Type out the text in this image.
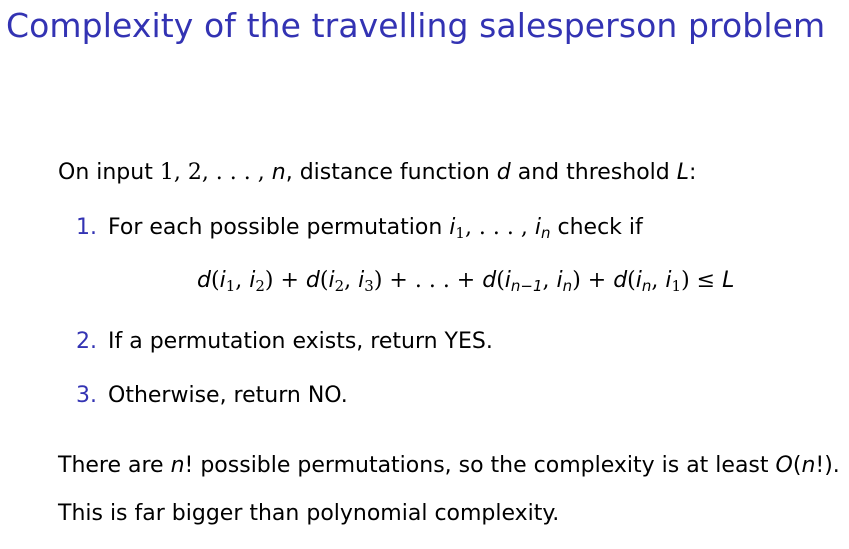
Complexity of the travelling salesperson problem
On input 1, 2, . . . , n, distance function d and threshold L:
1. For each possible permutation $i_1$, . . . , $i_n$ check if
$d(i_1$, $i_2) + d(i_2$, $i_3$) + . . . + $d(i_{n-1}$, $i_n) + d(i_n$, $i_1) \le L$
2. If a permutation exists, return YES.
3. Otherwise, return NO.
There are n! possible permutations, so the complexity is at least O(n!).
This is far bigger than polynomial complexity.
